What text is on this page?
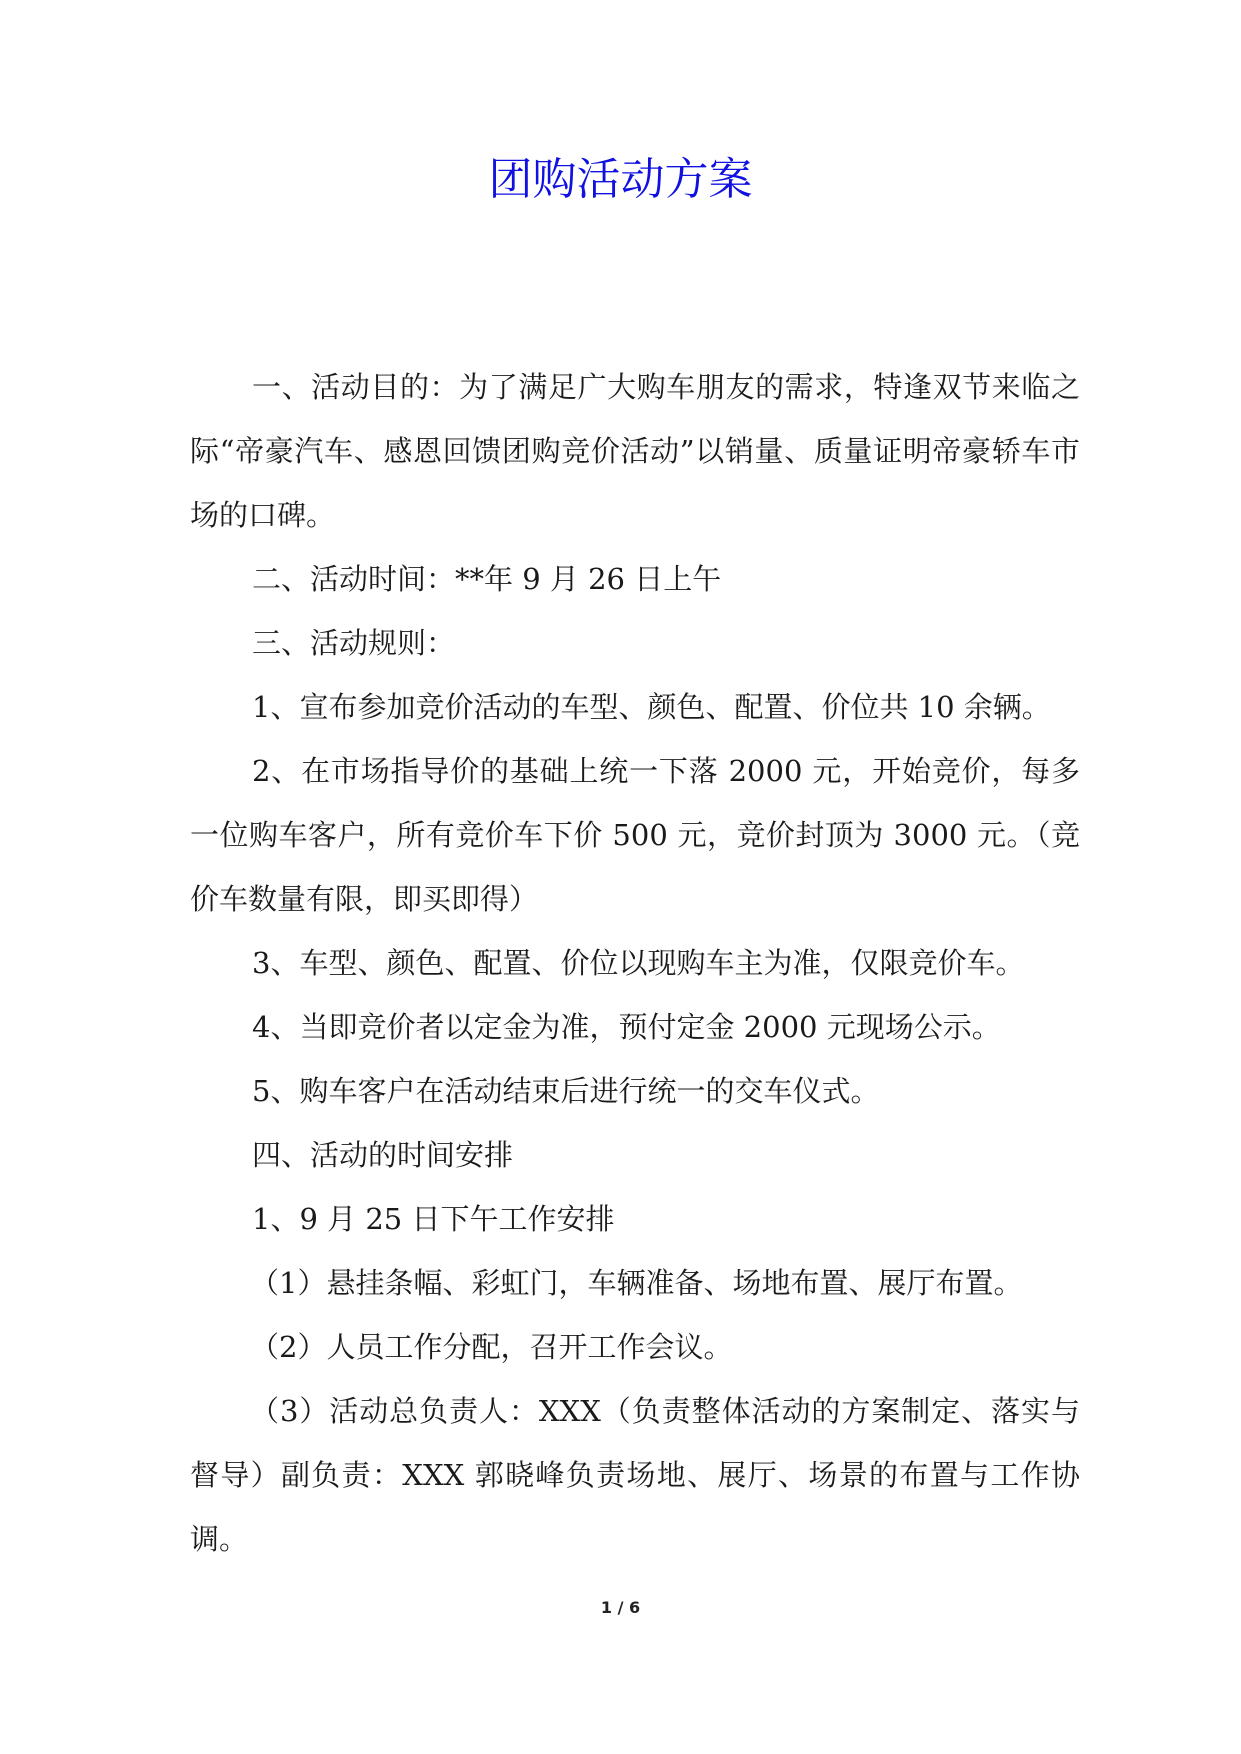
团购活动方案

一、活动目的：为了满足广大购车朋友的需求，特逢双节来临之际“帝豪汽车、感恩回馈团购竞价活动”以销量、质量证明帝豪轿车市场的口碑。

二、活动时间：**年 9 月 26 日上午

三、活动规则：

1、宣布参加竞价活动的车型、颜色、配置、价位共 10 余辆。

2、在市场指导价的基础上统一下落 2000 元，开始竞价，每多一位购车客户，所有竞价车下价 500 元，竞价封顶为 3000 元。（竞价车数量有限，即买即得）

3、车型、颜色、配置、价位以现购车主为准，仅限竞价车。

4、当即竞价者以定金为准，预付定金 2000 元现场公示。

5、购车客户在活动结束后进行统一的交车仪式。

四、活动的时间安排

1、9 月 25 日下午工作安排

（1）悬挂条幅、彩虹门，车辆准备、场地布置、展厅布置。

（2）人员工作分配，召开工作会议。

（3）活动总负责人：XXX（负责整体活动的方案制定、落实与督导）副负责：XXX 郭晓峰负责场地、展厅、场景的布置与工作协调。

1 / 6
